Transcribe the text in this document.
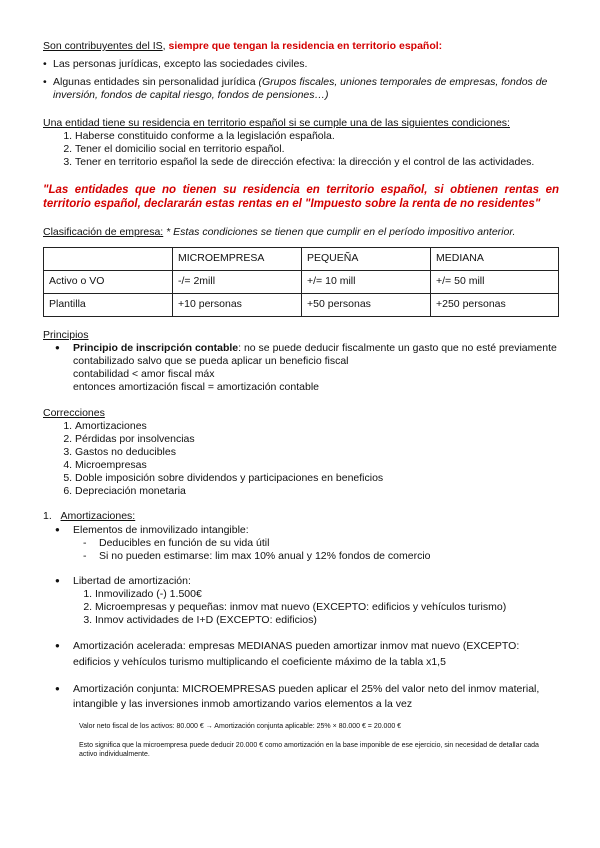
Son contribuyentes del IS, siempre que tengan la residencia en territorio español:

• Las personas jurídicas, excepto las sociedades civiles.
• Algunas entidades sin personalidad jurídica (Grupos fiscales, uniones temporales de empresas, fondos de inversión, fondos de capital riesgo, fondos de pensiones…)

Una entidad tiene su residencia en territorio español si se cumple una de las siguientes condiciones:

1. Haberse constituido conforme a la legislación española.
2. Tener el domicilio social en territorio español.
3. Tener en territorio español la sede de dirección efectiva: la dirección y el control de las actividades.

"Las entidades que no tienen su residencia en territorio español, si obtienen rentas en territorio español, declararán estas rentas en el "Impuesto sobre la renta de no residentes"

Clasificación de empresa: * Estas condiciones se tienen que cumplir en el período impositivo anterior.

	MICROEMPRESA	PEQUEÑA	MEDIANA
Activo o VO	-/= 2mill	+/= 10 mill	+/= 50 mill
Plantilla	+10 personas	+50 personas	+250 personas

Principios

● Principio de inscripción contable: no se puede deducir fiscalmente un gasto que no esté previamente contabilizado salvo que se pueda aplicar un beneficio fiscal
contabilidad < amor fiscal máx
entonces amortización fiscal = amortización contable

Correcciones

1. Amortizaciones
2. Pérdidas por insolvencias
3. Gastos no deducibles
4. Microempresas
5. Doble imposición sobre dividendos y participaciones en beneficios
6. Depreciación monetaria

1. Amortizaciones:

● Elementos de inmovilizado intangible:
- Deducibles en función de su vida útil
- Si no pueden estimarse: lim max 10% anual y 12% fondos de comercio
● Libertad de amortización:
1. Inmovilizado (-) 1.500€
2. Microempresas y pequeñas: inmov mat nuevo (EXCEPTO: edificios y vehículos turismo)
3. Inmov actividades de I+D (EXCEPTO: edificios)
● Amortización acelerada: empresas MEDIANAS pueden amortizar inmov mat nuevo (EXCEPTO: edificios y vehículos turismo multiplicando el coeficiente máximo de la tabla x1,5
● Amortización conjunta: MICROEMPRESAS pueden aplicar el 25% del valor neto del inmov material, intangible y las inversiones inmob amortizando varios elementos a la vez

Valor neto fiscal de los activos: 80.000 € → Amortización conjunta aplicable: 25% × 80.000 € = 20.000 €

Esto significa que la microempresa puede deducir 20.000 € como amortización en la base imponible de ese ejercicio, sin necesidad de detallar cada activo individualmente.
